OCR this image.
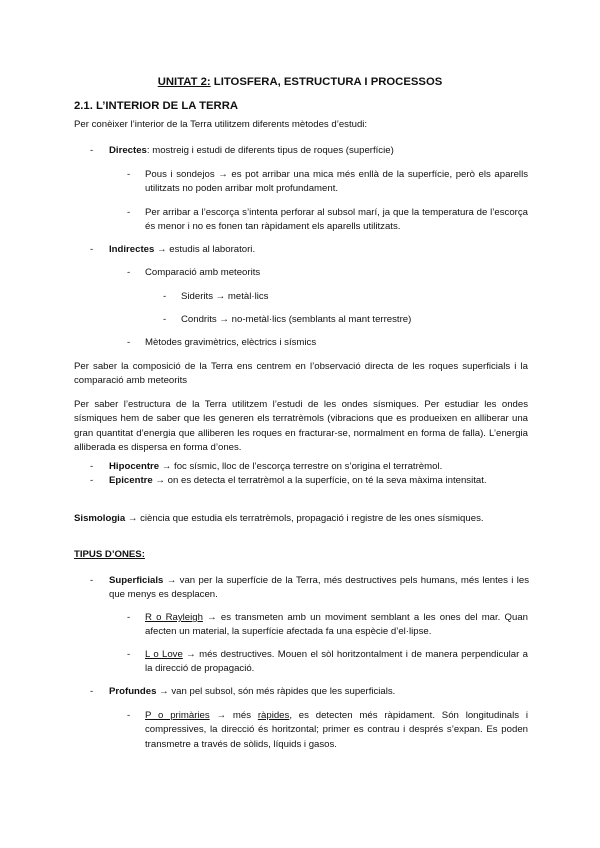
UNITAT 2: LITOSFERA, ESTRUCTURA I PROCESSOS
2.1. L’INTERIOR DE LA TERRA
Per conèixer l’interior de la Terra utilitzem diferents mètodes d’estudi:
- Directes: mostreig i estudi de diferents tipus de roques (superfície)
- Pous i sondejos → es pot arribar una mica més enllà de la superfície, però els aparells utilitzats no poden arribar molt profundament.
- Per arribar a l’escorça s’intenta perforar al subsol marí, ja que la temperatura de l’escorça és menor i no es fonen tan ràpidament els aparells utilitzats.
- Indirectes → estudis al laboratori.
- Comparació amb meteorits
- Siderits → metàl·lics
- Condrits → no-metàl·lics (semblants al mant terrestre)
- Mètodes gravimètrics, elèctrics i sísmics
Per saber la composició de la Terra ens centrem en l’observació directa de les roques superficials i la comparació amb meteorits
Per saber l’estructura de la Terra utilitzem l’estudi de les ondes sísmiques. Per estudiar les ondes sísmiques hem de saber que les generen els terratrèmols (vibracions que es produeixen en alliberar una gran quantitat d’energia que alliberen les roques en fracturar-se, normalment en forma de falla). L’energia alliberada es dispersa en forma d’ones.
- Hipocentre → foc sísmic, lloc de l’escorça terrestre on s’origina el terratrèmol.
- Epicentre → on es detecta el terratrèmol a la superfície, on té la seva màxima intensitat.
Sismologia → ciència que estudia els terratrèmols, propagació i registre de les ones sísmiques.
TIPUS D’ONES:
- Superficials → van per la superfície de la Terra, més destructives pels humans, més lentes i les que menys es desplacen.
- R o Rayleigh → es transmeten amb un moviment semblant a les ones del mar. Quan afecten un material, la superfície afectada fa una espècie d’el·lipse.
- L o Love → més destructives. Mouen el sòl horitzontalment i de manera perpendicular a la direcció de propagació.
- Profundes → van pel subsol, són més ràpides que les superficials.
- P o primàries → més ràpides, es detecten més ràpidament. Són longitudinals i compressives, la direcció és horitzontal; primer es contrau i després s’expan. Es poden transmetre a través de sòlids, líquids i gasos.
